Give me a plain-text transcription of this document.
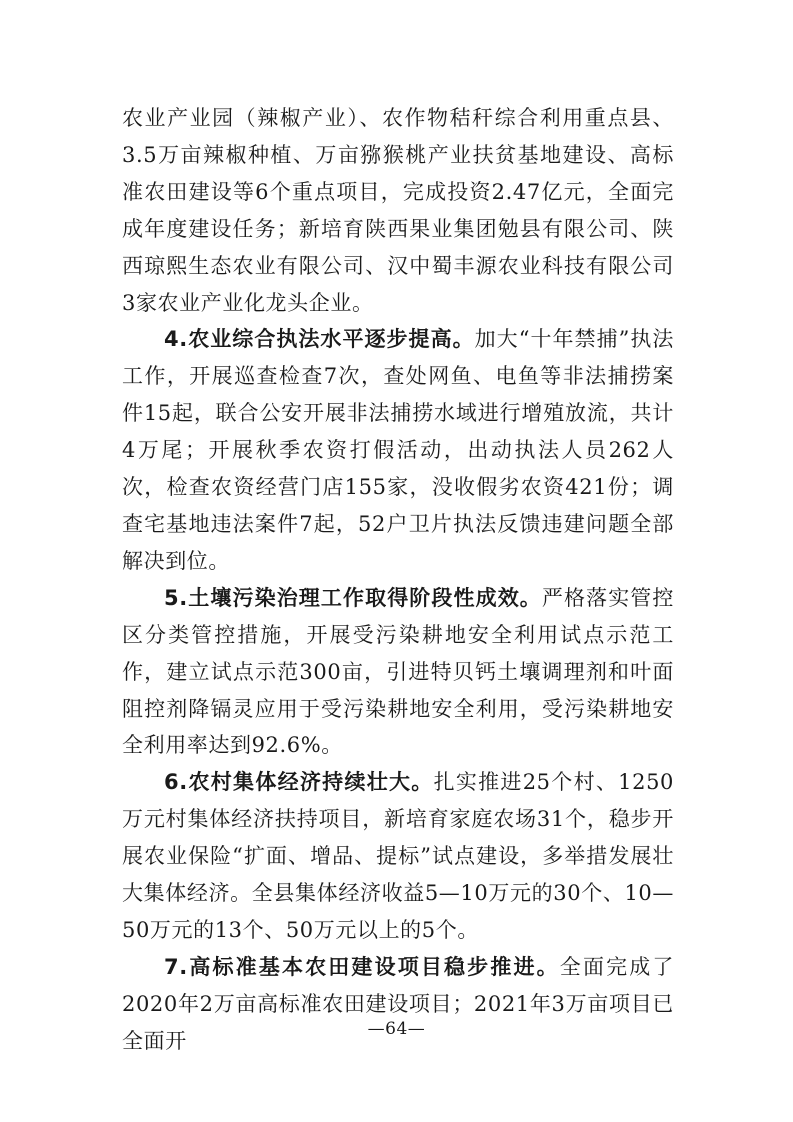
农业产业园（辣椒产业）、农作物秸秆综合利用重点县、3.5万亩辣椒种植、万亩猕猴桃产业扶贫基地建设、高标准农田建设等6个重点项目，完成投资2.47亿元，全面完成年度建设任务；新培育陕西果业集团勉县有限公司、陕西琼熙生态农业有限公司、汉中蜀丰源农业科技有限公司3家农业产业化龙头企业。

4.农业综合执法水平逐步提高。加大“十年禁捕”执法工作，开展巡查检查7次，查处网鱼、电鱼等非法捕捞案件15起，联合公安开展非法捕捞水域进行增殖放流，共计4万尾；开展秋季农资打假活动，出动执法人员262人次，检查农资经营门店155家，没收假劣农资421份；调查宅基地违法案件7起，52户卫片执法反馈违建问题全部解决到位。

5.土壤污染治理工作取得阶段性成效。严格落实管控区分类管控措施，开展受污染耕地安全利用试点示范工作，建立试点示范300亩，引进特贝钙土壤调理剂和叶面阻控剂降镉灵应用于受污染耕地安全利用，受污染耕地安全利用率达到92.6%。

6.农村集体经济持续壮大。扎实推进25个村、1250万元村集体经济扶持项目，新培育家庭农场31个，稳步开展农业保险“扩面、增品、提标”试点建设，多举措发展壮大集体经济。全县集体经济收益5—10万元的30个、10—50万元的13个、50万元以上的5个。

7.高标准基本农田建设项目稳步推进。全面完成了2020年2万亩高标准农田建设项目；2021年3万亩项目已全面开	—64—
